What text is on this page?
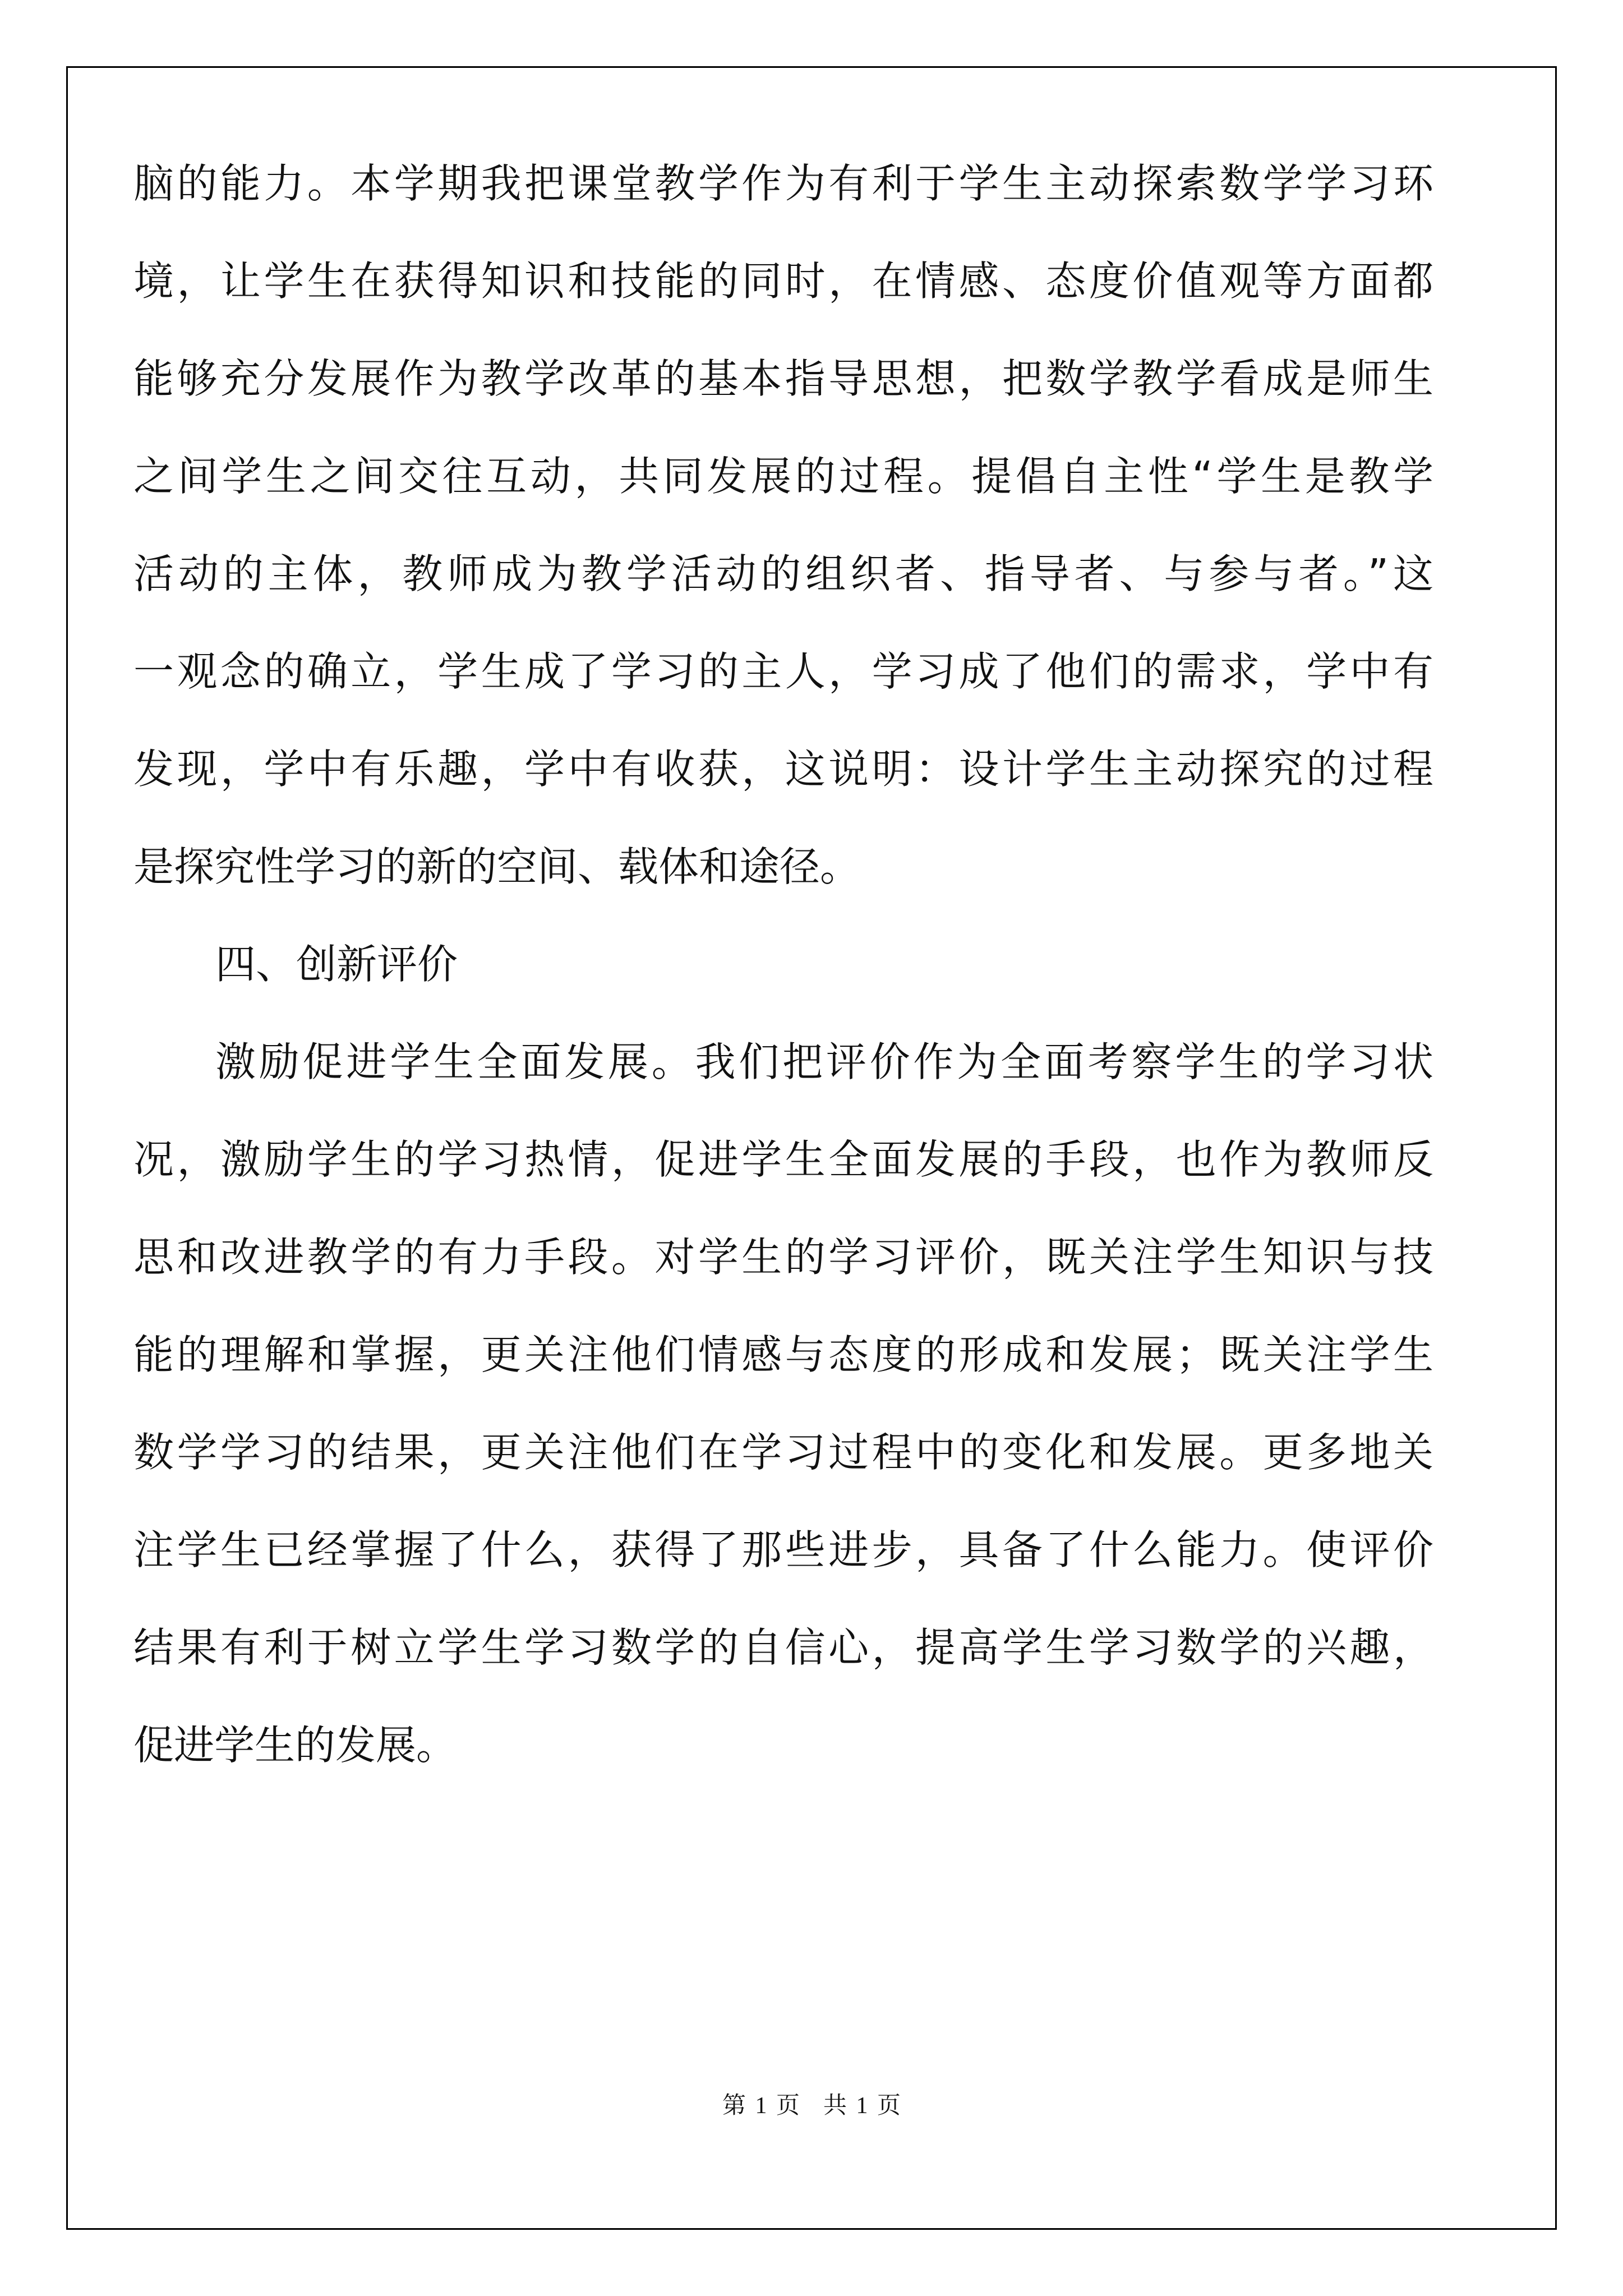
脑的能力。本学期我把课堂教学作为有利于学生主动探索数学学习环
境，让学生在获得知识和技能的同时，在情感、态度价值观等方面都
能够充分发展作为教学改革的基本指导思想，把数学教学看成是师生
之间学生之间交往互动，共同发展的过程。提倡自主性“学生是教学
活动的主体，教师成为教学活动的组织者、指导者、与参与者。”这
一观念的确立，学生成了学习的主人，学习成了他们的需求，学中有
发现，学中有乐趣，学中有收获，这说明：设计学生主动探究的过程
是探究性学习的新的空间、载体和途径。
四、创新评价
激励促进学生全面发展。我们把评价作为全面考察学生的学习状
况，激励学生的学习热情，促进学生全面发展的手段，也作为教师反
思和改进教学的有力手段。对学生的学习评价，既关注学生知识与技
能的理解和掌握，更关注他们情感与态度的形成和发展；既关注学生
数学学习的结果，更关注他们在学习过程中的变化和发展。更多地关
注学生已经掌握了什么，获得了那些进步，具备了什么能力。使评价
结果有利于树立学生学习数学的自信心，提高学生学习数学的兴趣，
促进学生的发展。
第 1 页　共 1 页
